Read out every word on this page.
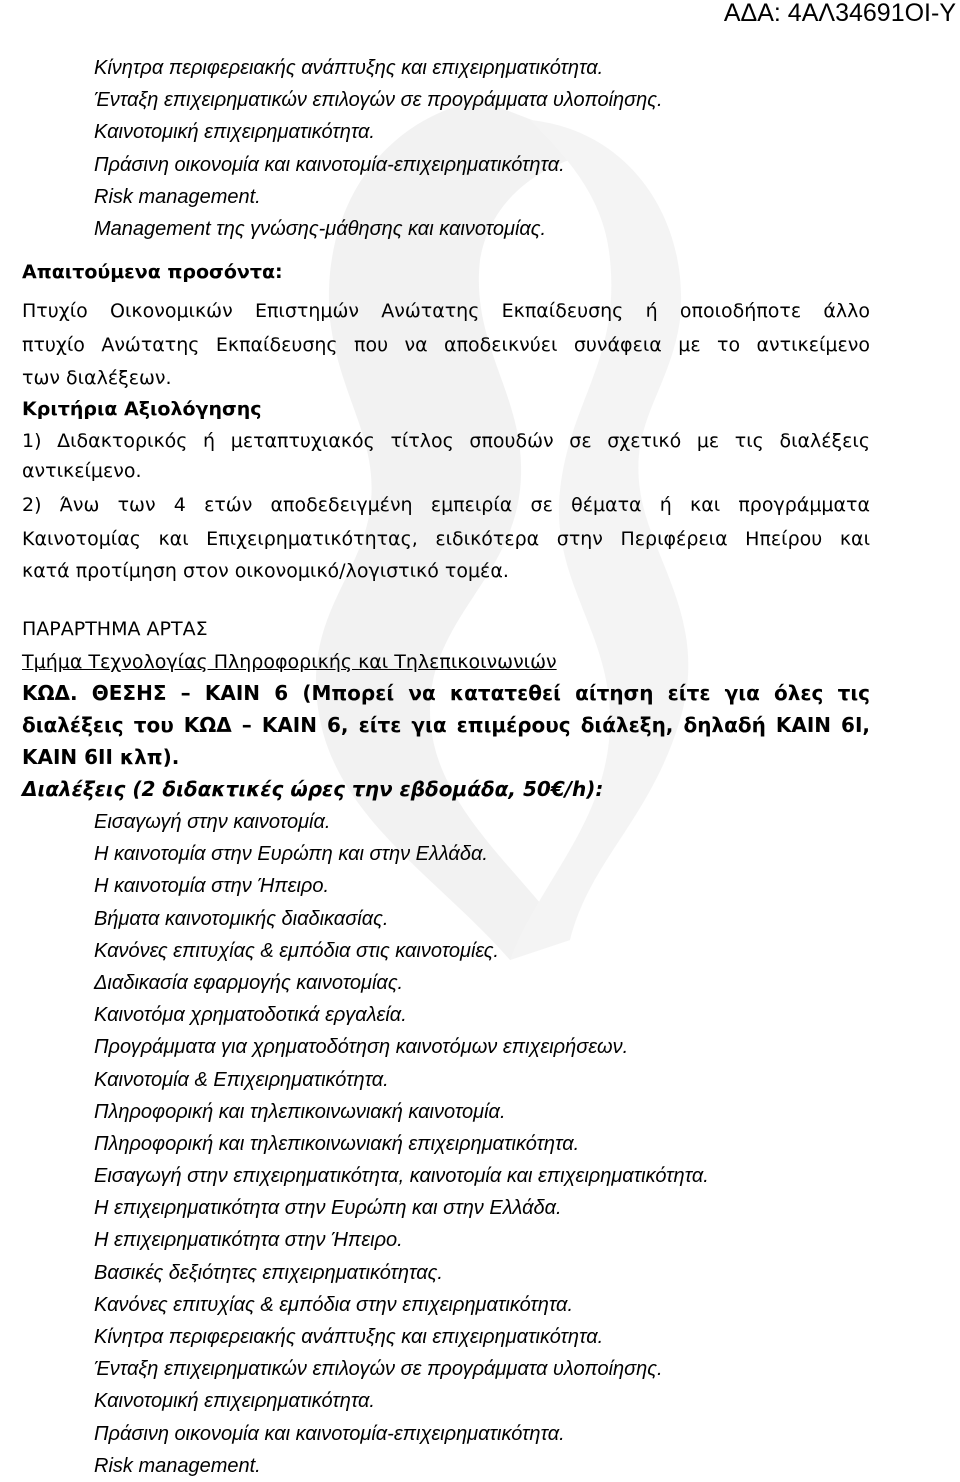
ΑΔΑ: 4ΑΛ34691ΟΙ-Υ
Κίνητρα περιφερειακής ανάπτυξης και επιχειρηματικότητα.
Ένταξη επιχειρηματικών επιλογών σε προγράμματα υλοποίησης.
Καινοτομική επιχειρηματικότητα.
Πράσινη οικονομία και καινοτομία-επιχειρηματικότητα.
Risk management.
Management της γνώσης-μάθησης και καινοτομίας.
Απαιτούμενα προσόντα:
Πτυχίο Οικονομικών Επιστημών Ανώτατης Εκπαίδευσης ή οποιοδήποτε άλλο
πτυχίο Ανώτατης Εκπαίδευσης που να αποδεικνύει συνάφεια με το αντικείμενο
των διαλέξεων.
Κριτήρια Αξιολόγησης
1) Διδακτορικός ή μεταπτυχιακός τίτλος σπουδών σε σχετικό με τις διαλέξεις
αντικείμενο.
2) Άνω των 4 ετών αποδεδειγμένη εμπειρία σε θέματα ή και προγράμματα
Καινοτομίας και Επιχειρηματικότητας, ειδικότερα στην Περιφέρεια Ηπείρου και
κατά προτίμηση στον οικονομικό/λογιστικό τομέα.
ΠΑΡΑΡΤΗΜΑ ΑΡΤΑΣ
Τμήμα Τεχνολογίας Πληροφορικής και Τηλεπικοινωνιών
ΚΩΔ. ΘΕΣΗΣ – ΚΑΙΝ 6 (Μπορεί να κατατεθεί αίτηση είτε για όλες τις
διαλέξεις του ΚΩΔ – ΚΑΙΝ 6, είτε για επιμέρους διάλεξη, δηλαδή ΚΑΙΝ 6Ι,
ΚΑΙΝ 6ΙΙ κλπ).
Διαλέξεις (2 διδακτικές ώρες την εβδομάδα, 50€/h):
Εισαγωγή στην καινοτομία.
Η καινοτομία στην Ευρώπη και στην Ελλάδα.
Η καινοτομία στην Ήπειρο.
Βήματα καινοτομικής διαδικασίας.
Κανόνες επιτυχίας & εμπόδια στις καινοτομίες.
Διαδικασία εφαρμογής καινοτομίας.
Καινοτόμα χρηματοδοτικά εργαλεία.
Προγράμματα για χρηματοδότηση καινοτόμων επιχειρήσεων.
Καινοτομία & Επιχειρηματικότητα.
Πληροφορική και τηλεπικοινωνιακή καινοτομία.
Πληροφορική και τηλεπικοινωνιακή επιχειρηματικότητα.
Εισαγωγή στην επιχειρηματικότητα, καινοτομία και επιχειρηματικότητα.
Η επιχειρηματικότητα στην Ευρώπη και στην Ελλάδα.
Η επιχειρηματικότητα στην Ήπειρο.
Βασικές δεξιότητες επιχειρηματικότητας.
Κανόνες επιτυχίας & εμπόδια στην επιχειρηματικότητα.
Κίνητρα περιφερειακής ανάπτυξης και επιχειρηματικότητα.
Ένταξη επιχειρηματικών επιλογών σε προγράμματα υλοποίησης.
Καινοτομική επιχειρηματικότητα.
Πράσινη οικονομία και καινοτομία-επιχειρηματικότητα.
Risk management.
